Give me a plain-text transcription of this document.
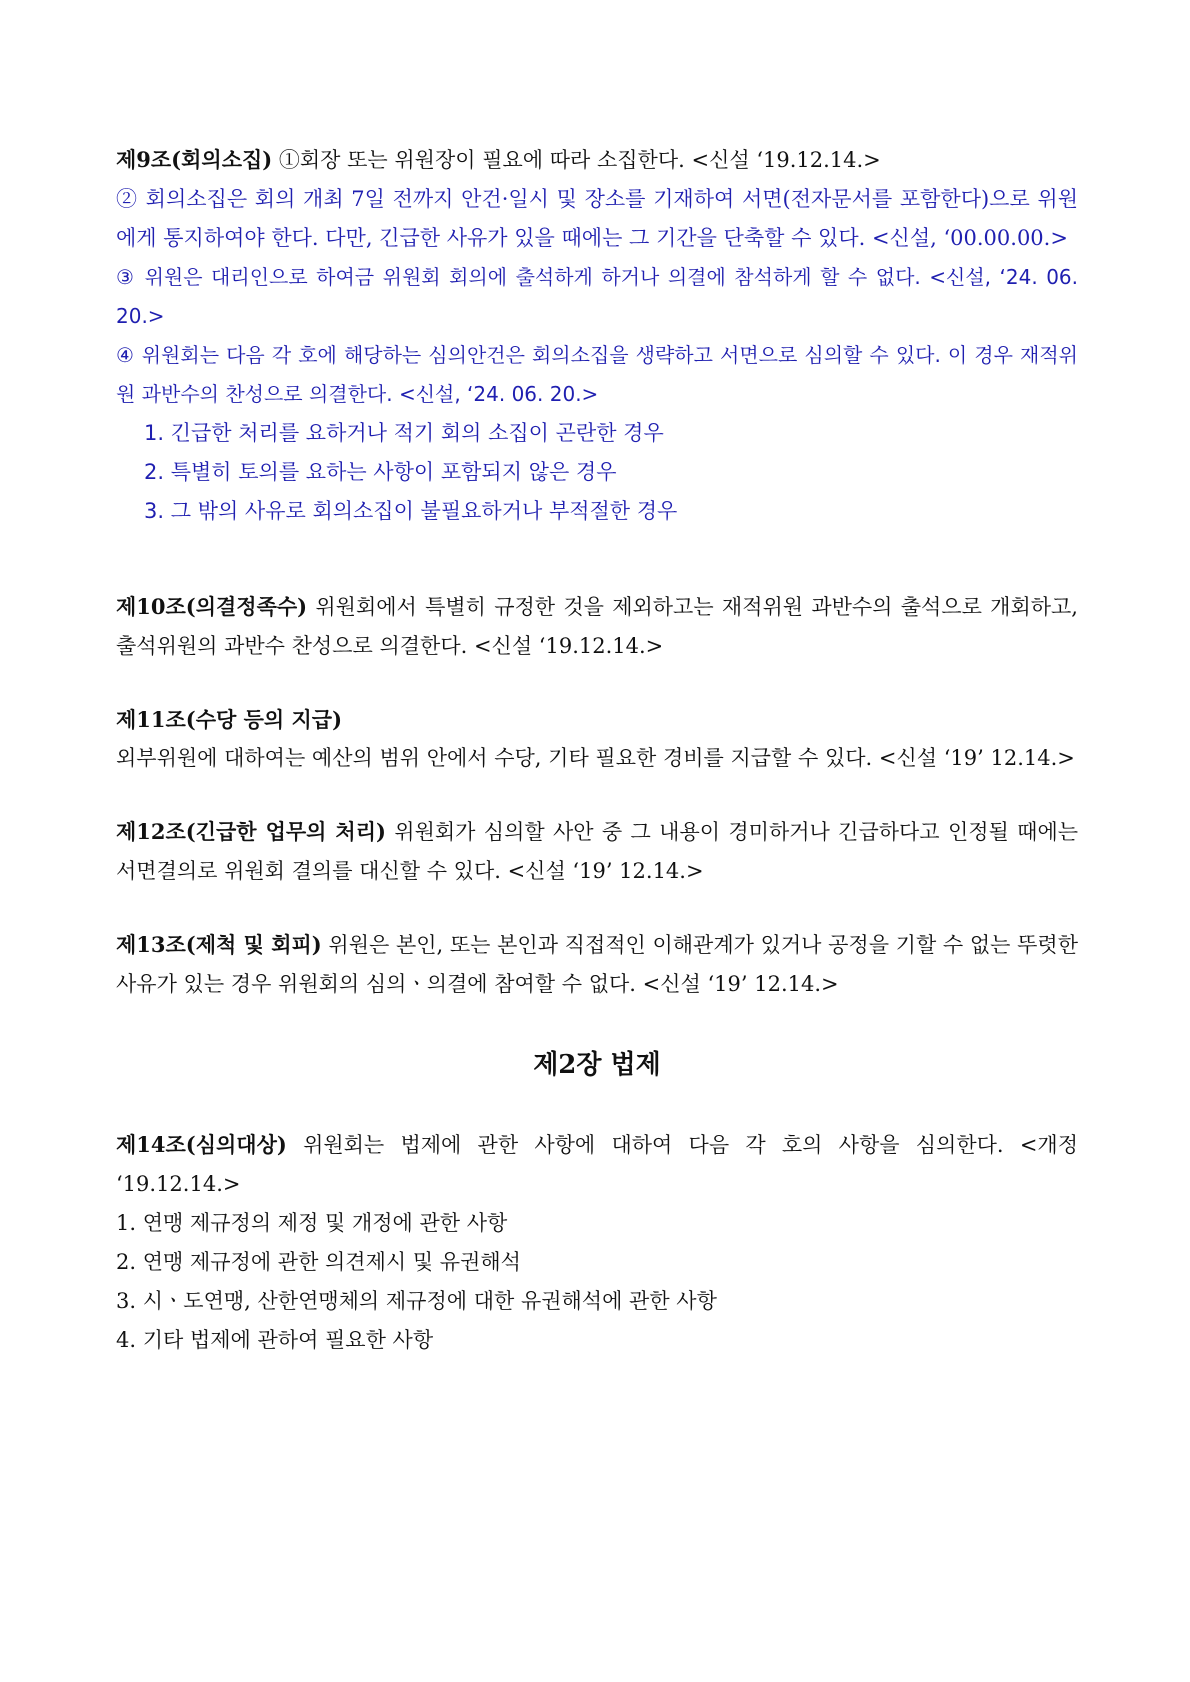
제9조(회의소집) ①회장 또는 위원장이 필요에 따라 소집한다. <신설 ‘19.12.14.>

② 회의소집은 회의 개최 7일 전까지 안건·일시 및 장소를 기재하여 서면(전자문서를 포함한다)으로 위원에게 통지하여야 한다. 다만, 긴급한 사유가 있을 때에는 그 기간을 단축할 수 있다. <신설, ‘00.00.00.>

③ 위원은 대리인으로 하여금 위원회 회의에 출석하게 하거나 의결에 참석하게 할 수 없다. <신설, ‘24. 06. 20.>

④ 위원회는 다음 각 호에 해당하는 심의안건은 회의소집을 생략하고 서면으로 심의할 수 있다. 이 경우 재적위원 과반수의 찬성으로 의결한다. <신설, ‘24. 06. 20.>

1. 긴급한 처리를 요하거나 적기 회의 소집이 곤란한 경우

2. 특별히 토의를 요하는 사항이 포함되지 않은 경우

3. 그 밖의 사유로 회의소집이 불필요하거나 부적절한 경우

제10조(의결정족수) 위원회에서 특별히 규정한 것을 제외하고는 재적위원 과반수의 출석으로 개회하고, 출석위원의 과반수 찬성으로 의결한다. <신설 ‘19.12.14.>

제11조(수당 등의 지급)

외부위원에 대하여는 예산의 범위 안에서 수당, 기타 필요한 경비를 지급할 수 있다. <신설 ‘19’ 12.14.>

제12조(긴급한 업무의 처리) 위원회가 심의할 사안 중 그 내용이 경미하거나 긴급하다고 인정될 때에는 서면결의로 위원회 결의를 대신할 수 있다. <신설 ‘19’ 12.14.>

제13조(제척 및 회피) 위원은 본인, 또는 본인과 직접적인 이해관계가 있거나 공정을 기할 수 없는 뚜렷한 사유가 있는 경우 위원회의 심의ㆍ의결에 참여할 수 없다. <신설 ‘19’ 12.14.>

제2장 법제

제14조(심의대상) 위원회는 법제에 관한 사항에 대하여 다음 각 호의 사항을 심의한다. <개정 ‘19.12.14.>

1. 연맹 제규정의 제정 및 개정에 관한 사항

2. 연맹 제규정에 관한 의견제시 및 유권해석

3. 시ㆍ도연맹, 산한연맹체의 제규정에 대한 유권해석에 관한 사항

4. 기타 법제에 관하여 필요한 사항
